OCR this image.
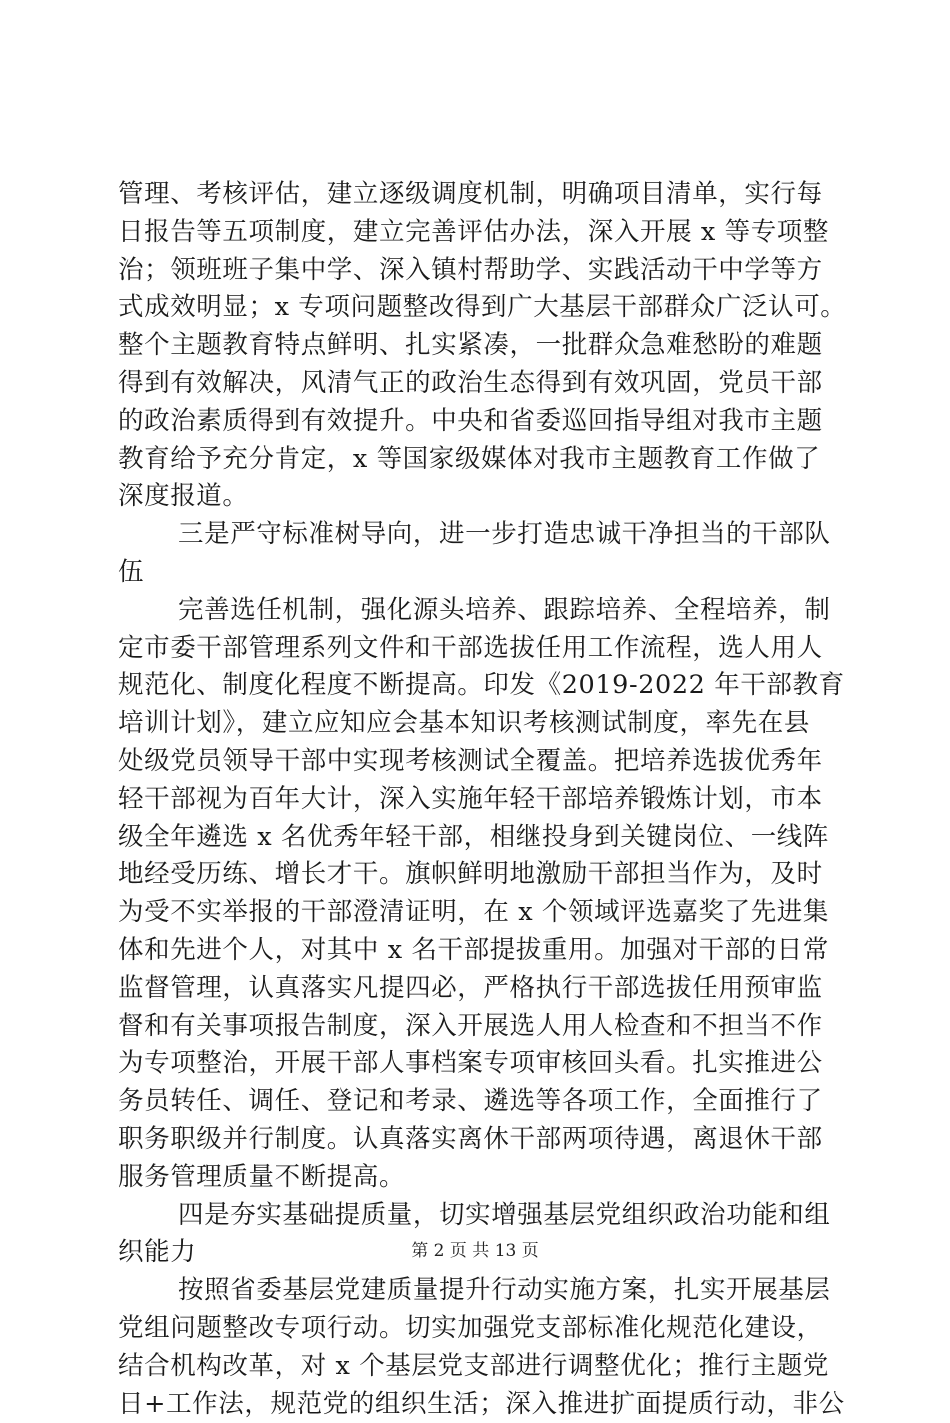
管理、考核评估，建立逐级调度机制，明确项目清单，实行每
日报告等五项制度，建立完善评估办法，深入开展 x 等专项整
治；领班班子集中学、深入镇村帮助学、实践活动干中学等方
式成效明显；x 专项问题整改得到广大基层干部群众广泛认可。
整个主题教育特点鲜明、扎实紧凑，一批群众急难愁盼的难题
得到有效解决，风清气正的政治生态得到有效巩固，党员干部
的政治素质得到有效提升。中央和省委巡回指导组对我市主题
教育给予充分肯定，x 等国家级媒体对我市主题教育工作做了
深度报道。
三是严守标准树导向，进一步打造忠诚干净担当的干部队
伍
完善选任机制，强化源头培养、跟踪培养、全程培养，制
定市委干部管理系列文件和干部选拔任用工作流程，选人用人
规范化、制度化程度不断提高。印发《2019-2022 年干部教育
培训计划》，建立应知应会基本知识考核测试制度，率先在县
处级党员领导干部中实现考核测试全覆盖。把培养选拔优秀年
轻干部视为百年大计，深入实施年轻干部培养锻炼计划，市本
级全年遴选 x 名优秀年轻干部，相继投身到关键岗位、一线阵
地经受历练、增长才干。旗帜鲜明地激励干部担当作为，及时
为受不实举报的干部澄清证明，在 x 个领域评选嘉奖了先进集
体和先进个人，对其中 x 名干部提拔重用。加强对干部的日常
监督管理，认真落实凡提四必，严格执行干部选拔任用预审监
督和有关事项报告制度，深入开展选人用人检查和不担当不作
为专项整治，开展干部人事档案专项审核回头看。扎实推进公
务员转任、调任、登记和考录、遴选等各项工作，全面推行了
职务职级并行制度。认真落实离休干部两项待遇，离退休干部
服务管理质量不断提高。
四是夯实基础提质量，切实增强基层党组织政治功能和组
织能力
按照省委基层党建质量提升行动实施方案，扎实开展基层
党组问题整改专项行动。切实加强党支部标准化规范化建设，
结合机构改革，对 x 个基层党支部进行调整优化；推行主题党
日+工作法，规范党的组织生活；深入推进扩面提质行动，非公
第 2 页 共 13 页
